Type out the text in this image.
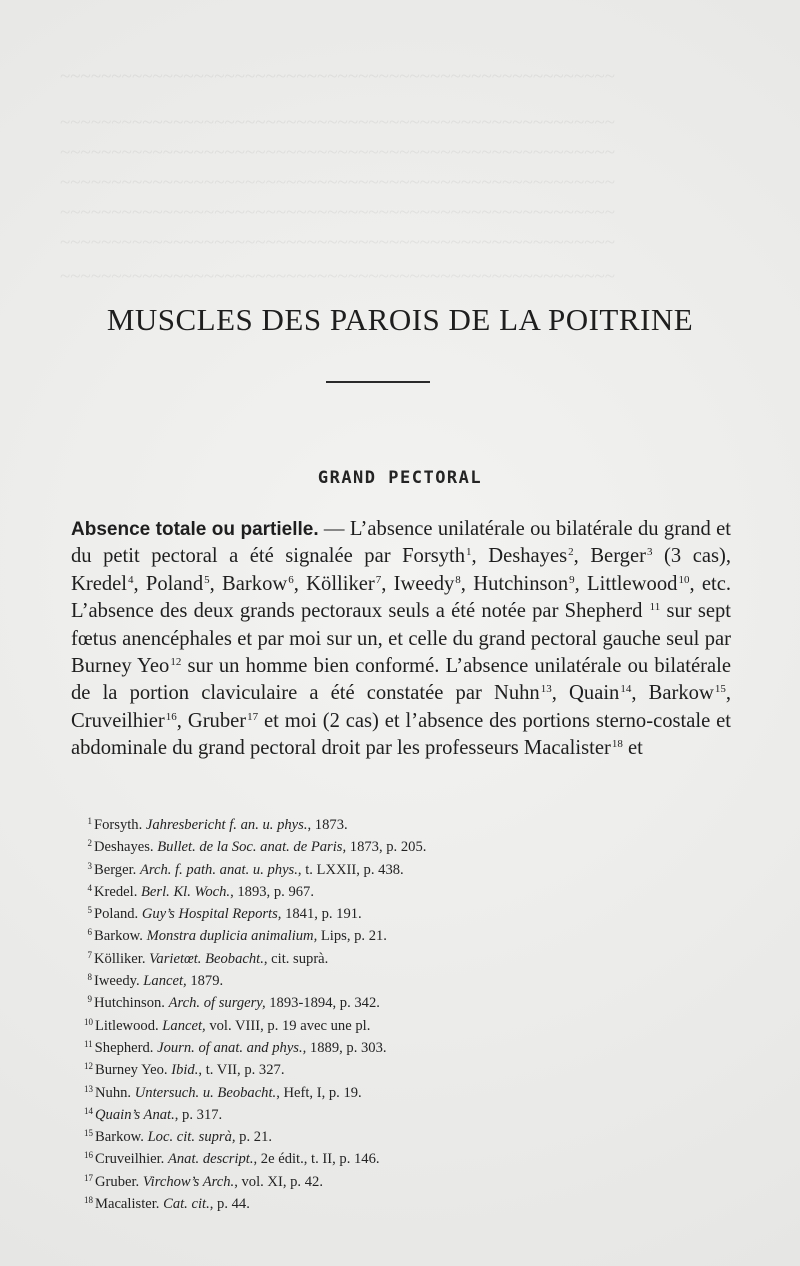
~~~~~~~~~~~~~~~~~~~~~~~~~~~~~~~~~~~~~~~~~~~~~~~~~~~~~~
~~~~~~~~~~~~~~~~~~~~~~~~~~~~~~~~~~~~~~~~~~~~~~~~~~~~~~
~~~~~~~~~~~~~~~~~~~~~~~~~~~~~~~~~~~~~~~~~~~~~~~~~~~~~~
~~~~~~~~~~~~~~~~~~~~~~~~~~~~~~~~~~~~~~~~~~~~~~~~~~~~~~
~~~~~~~~~~~~~~~~~~~~~~~~~~~~~~~~~~~~~~~~~~~~~~~~~~~~~~
~~~~~~~~~~~~~~~~~~~~~~~~~~~~~~~~~~~~~~~~~~~~~~~~~~~~~~
~~~~~~~~~~~~~~~~~~~~~~~~~~~~~~~~~~~~~~~~~~~~~~~~~~~~~~
MUSCLES DES PAROIS DE LA POITRINE
GRAND PECTORAL
Absence totale ou partielle. — L’absence unilatérale ou bilatérale du grand et du petit pectoral a été signalée par Forsyth$^1$, Deshayes$^2$, Berger$^3$ (3 cas), Kredel$^4$, Poland$^5$, Barkow$^6$, Kölliker$^7$, Iweedy$^8$, Hutchinson$^9$, Littlewood$^{10}$, etc. L’absence des deux grands pectoraux seuls a été notée par Shepherd $^{11}$ sur sept fœtus anencéphales et par moi sur un, et celle du grand pectoral gauche seul par Burney Yeo$^{12}$ sur un homme bien conformé. L’absence unilatérale ou bilatérale de la portion claviculaire a été constatée par Nuhn$^{13}$, Quain$^{14}$, Barkow$^{15}$, Cruveilhier$^{16}$, Gruber$^{17}$ et moi (2 cas) et l’absence des portions sterno-costale et abdominale du grand pectoral droit par les professeurs Macalister$^{18}$ et
1 Forsyth. Jahresbericht f. an. u. phys., 1873.
2 Deshayes. Bullet. de la Soc. anat. de Paris, 1873, p. 205.
3 Berger. Arch. f. path. anat. u. phys., t. LXXII, p. 438.
4 Kredel. Berl. Kl. Woch., 1893, p. 967.
5 Poland. Guy’s Hospital Reports, 1841, p. 191.
6 Barkow. Monstra duplicia animalium, Lips, p. 21.
7 Kölliker. Varietœt. Beobacht., cit. suprà.
8 Iweedy. Lancet, 1879.
9 Hutchinson. Arch. of surgery, 1893-1894, p. 342.
10 Litlewood. Lancet, vol. VIII, p. 19 avec une pl.
11 Shepherd. Journ. of anat. and phys., 1889, p. 303.
12 Burney Yeo. Ibid., t. VII, p. 327.
13 Nuhn. Untersuch. u. Beobacht., Heft, I, p. 19.
14 Quain’s Anat., p. 317.
15 Barkow. Loc. cit. suprà, p. 21.
16 Cruveilhier. Anat. descript., 2e édit., t. II, p. 146.
17 Gruber. Virchow’s Arch., vol. XI, p. 42.
18 Macalister. Cat. cit., p. 44.
